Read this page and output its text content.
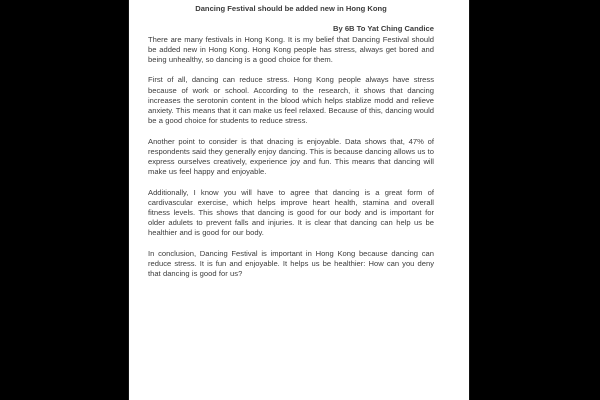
Dancing Festival should be added new in Hong Kong

By 6B To Yat Ching Candice

There are many festivals in Hong Kong. It is my belief that Dancing Festival should be added new in Hong Kong. Hong Kong people has stress, always get bored and being unhealthy, so dancing is a good choice for them.

First of all, dancing can reduce stress. Hong Kong people always have stress because of work or school. According to the research, it shows that dancing increases the serotonin content in the blood which helps stablize modd and relieve anxiety. This means that it can make us feel relaxed. Because of this, dancing would be a good choice for students to reduce stress.

Another point to consider is that dnacing is enjoyable. Data shows that, 47% of respondents said they generally enjoy dancing. This is because dancing allows us to express ourselves creatively, experience joy and fun. This means that dancing will make us feel happy and enjoyable.

Additionally, I know you will have to agree that dancing is a great form of cardivascular exercise, which helps improve heart health, stamina and overall fitness levels. This shows that dancing is good for our body and is important for older adulets to prevent falls and injuries. It is clear that dancing can help us be healthier and is good for our body.

In conclusion, Dancing Festival is important in Hong Kong because dancing can reduce stress. It is fun and enjoyable. It helps us be healthier: How can you deny that dancing is good for us?
